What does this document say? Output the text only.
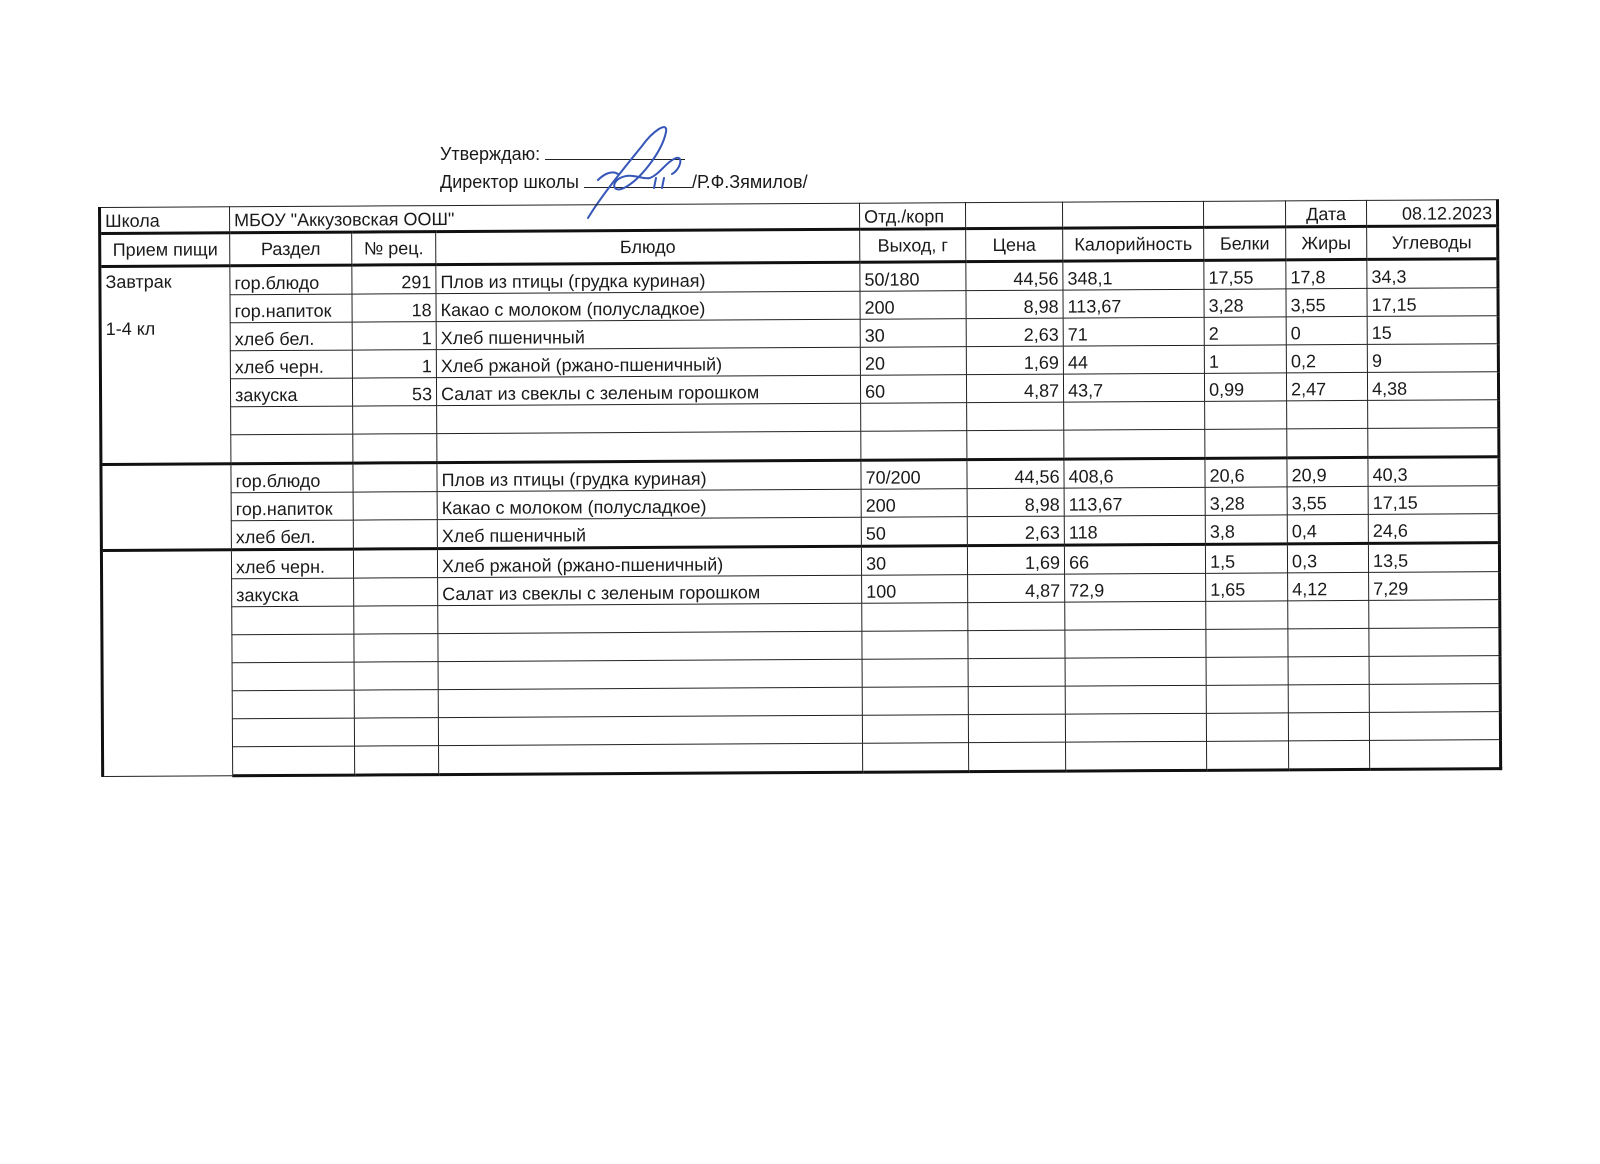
Утверждаю:
Директор школы	/Р.Ф.Зямилов/
Школа	МБОУ "Аккузовская ООШ"			Отд./корп				Дата	08.12.2023
Прием пищи	Раздел	№ рец.	Блюдо	Выход, г	Цена	Калорийность	Белки	Жиры	Углеводы
Завтрак
1-4 кл	гор.блюдо	291	Плов из птицы (грудка куриная)	50/180	44,56	348,1	17,55	17,8	34,3
	гор.напиток	18	Какао с молоком (полусладкое)	200	8,98	113,67	3,28	3,55	17,15
	хлеб бел.	1	Хлеб пшеничный	30	2,63	71	2	0	15
	хлеб черн.	1	Хлеб ржаной (ржано-пшеничный)	20	1,69	44	1	0,2	9
	закуска	53	Салат из свеклы с зеленым горошком	60	4,87	43,7	0,99	2,47	4,38

	гор.блюдо		Плов из птицы (грудка куриная)	70/200	44,56	408,6	20,6	20,9	40,3
	гор.напиток		Какао с молоком (полусладкое)	200	8,98	113,67	3,28	3,55	17,15
	хлеб бел.		Хлеб пшеничный	50	2,63	118	3,8	0,4	24,6
	хлеб черн.		Хлеб ржаной (ржано-пшеничный)	30	1,69	66	1,5	0,3	13,5
	закуска		Салат из свеклы с зеленым горошком	100	4,87	72,9	1,65	4,12	7,29
